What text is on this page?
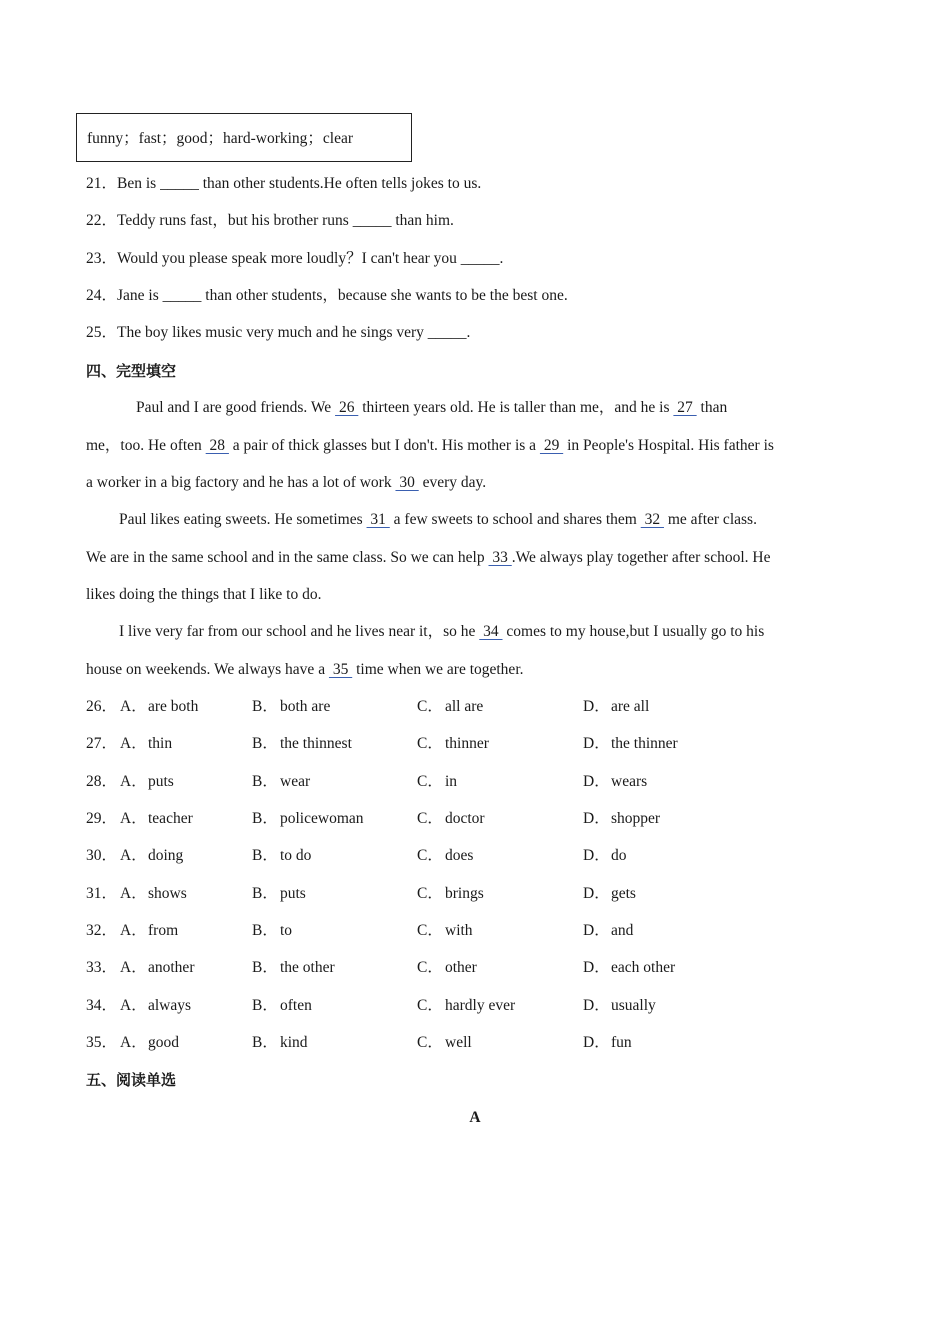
funny；fast；good；hard-working；clear
21．Ben is _____ than other students.He often tells jokes to us.
22．Teddy runs fast，but his brother runs _____ than him.
23．Would you please speak more loudly？I can't hear you _____.
24．Jane is _____ than other students，because she wants to be the best one.
25．The boy likes music very much and he sings very _____.
四、完型填空
Paul and I are good friends. We  26  thirteen years old. He is taller than me，and he is  27  than
me，too. He often  28  a pair of thick glasses but I don't. His mother is a  29  in People's Hospital. His father is
a worker in a big factory and he has a lot of work  30  every day.
Paul likes eating sweets. He sometimes  31  a few sweets to school and shares them  32  me after class.
We are in the same school and in the same class. So we can help  33 .We always play together after school. He
likes doing the things that I like to do.
I live very far from our school and he lives near it，so he  34  comes to my house,but I usually go to his
house on weekends. We always have a  35  time when we are together.
26． A．are both	B． both are	C． all are	D．are all
27． A．thin	B． the thinnest	C． thinner	D．the thinner
28． A．puts	B． wear	C． in	D．wears
29． A．teacher	B． policewoman	C． doctor	D．shopper
30． A．doing	B． to do	C． does	D．do
31． A．shows	B． puts	C． brings	D．gets
32． A．from	B． to	C． with	D．and
33． A．another	B． the other	C． other	D．each other
34． A．always	B． often	C． hardly ever	D．usually
35． A．good	B． kind	C． well	D．fun
五、阅读单选
A
